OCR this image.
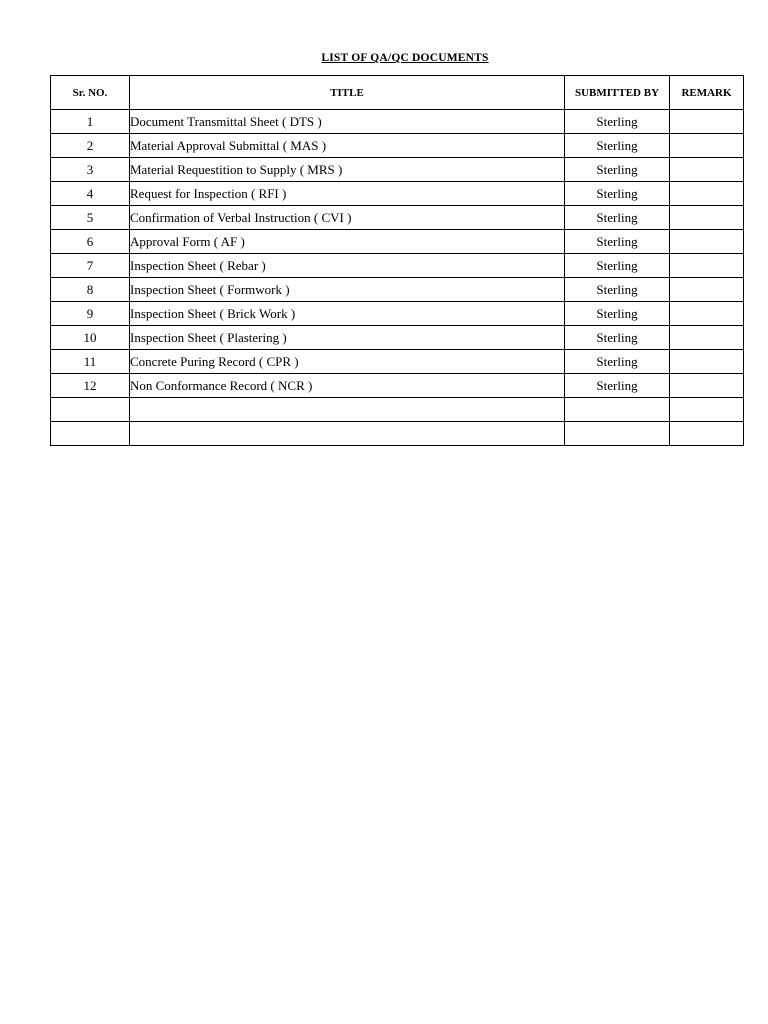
LIST OF QA/QC DOCUMENTS
Sr. NO.	TITLE	SUBMITTED BY	REMARK
1	Document Transmittal Sheet ( DTS )	Sterling	
2	Material Approval Submittal ( MAS )	Sterling	
3	Material Requestition to Supply ( MRS )	Sterling	
4	Request for Inspection ( RFI )	Sterling	
5	Confirmation of Verbal Instruction ( CVI )	Sterling	
6	Approval Form ( AF )	Sterling	
7	Inspection Sheet ( Rebar )	Sterling	
8	Inspection Sheet ( Formwork )	Sterling	
9	Inspection Sheet ( Brick Work )	Sterling	
10	Inspection Sheet ( Plastering )	Sterling	
11	Concrete Puring Record ( CPR )	Sterling	
12	Non Conformance Record ( NCR )	Sterling	
